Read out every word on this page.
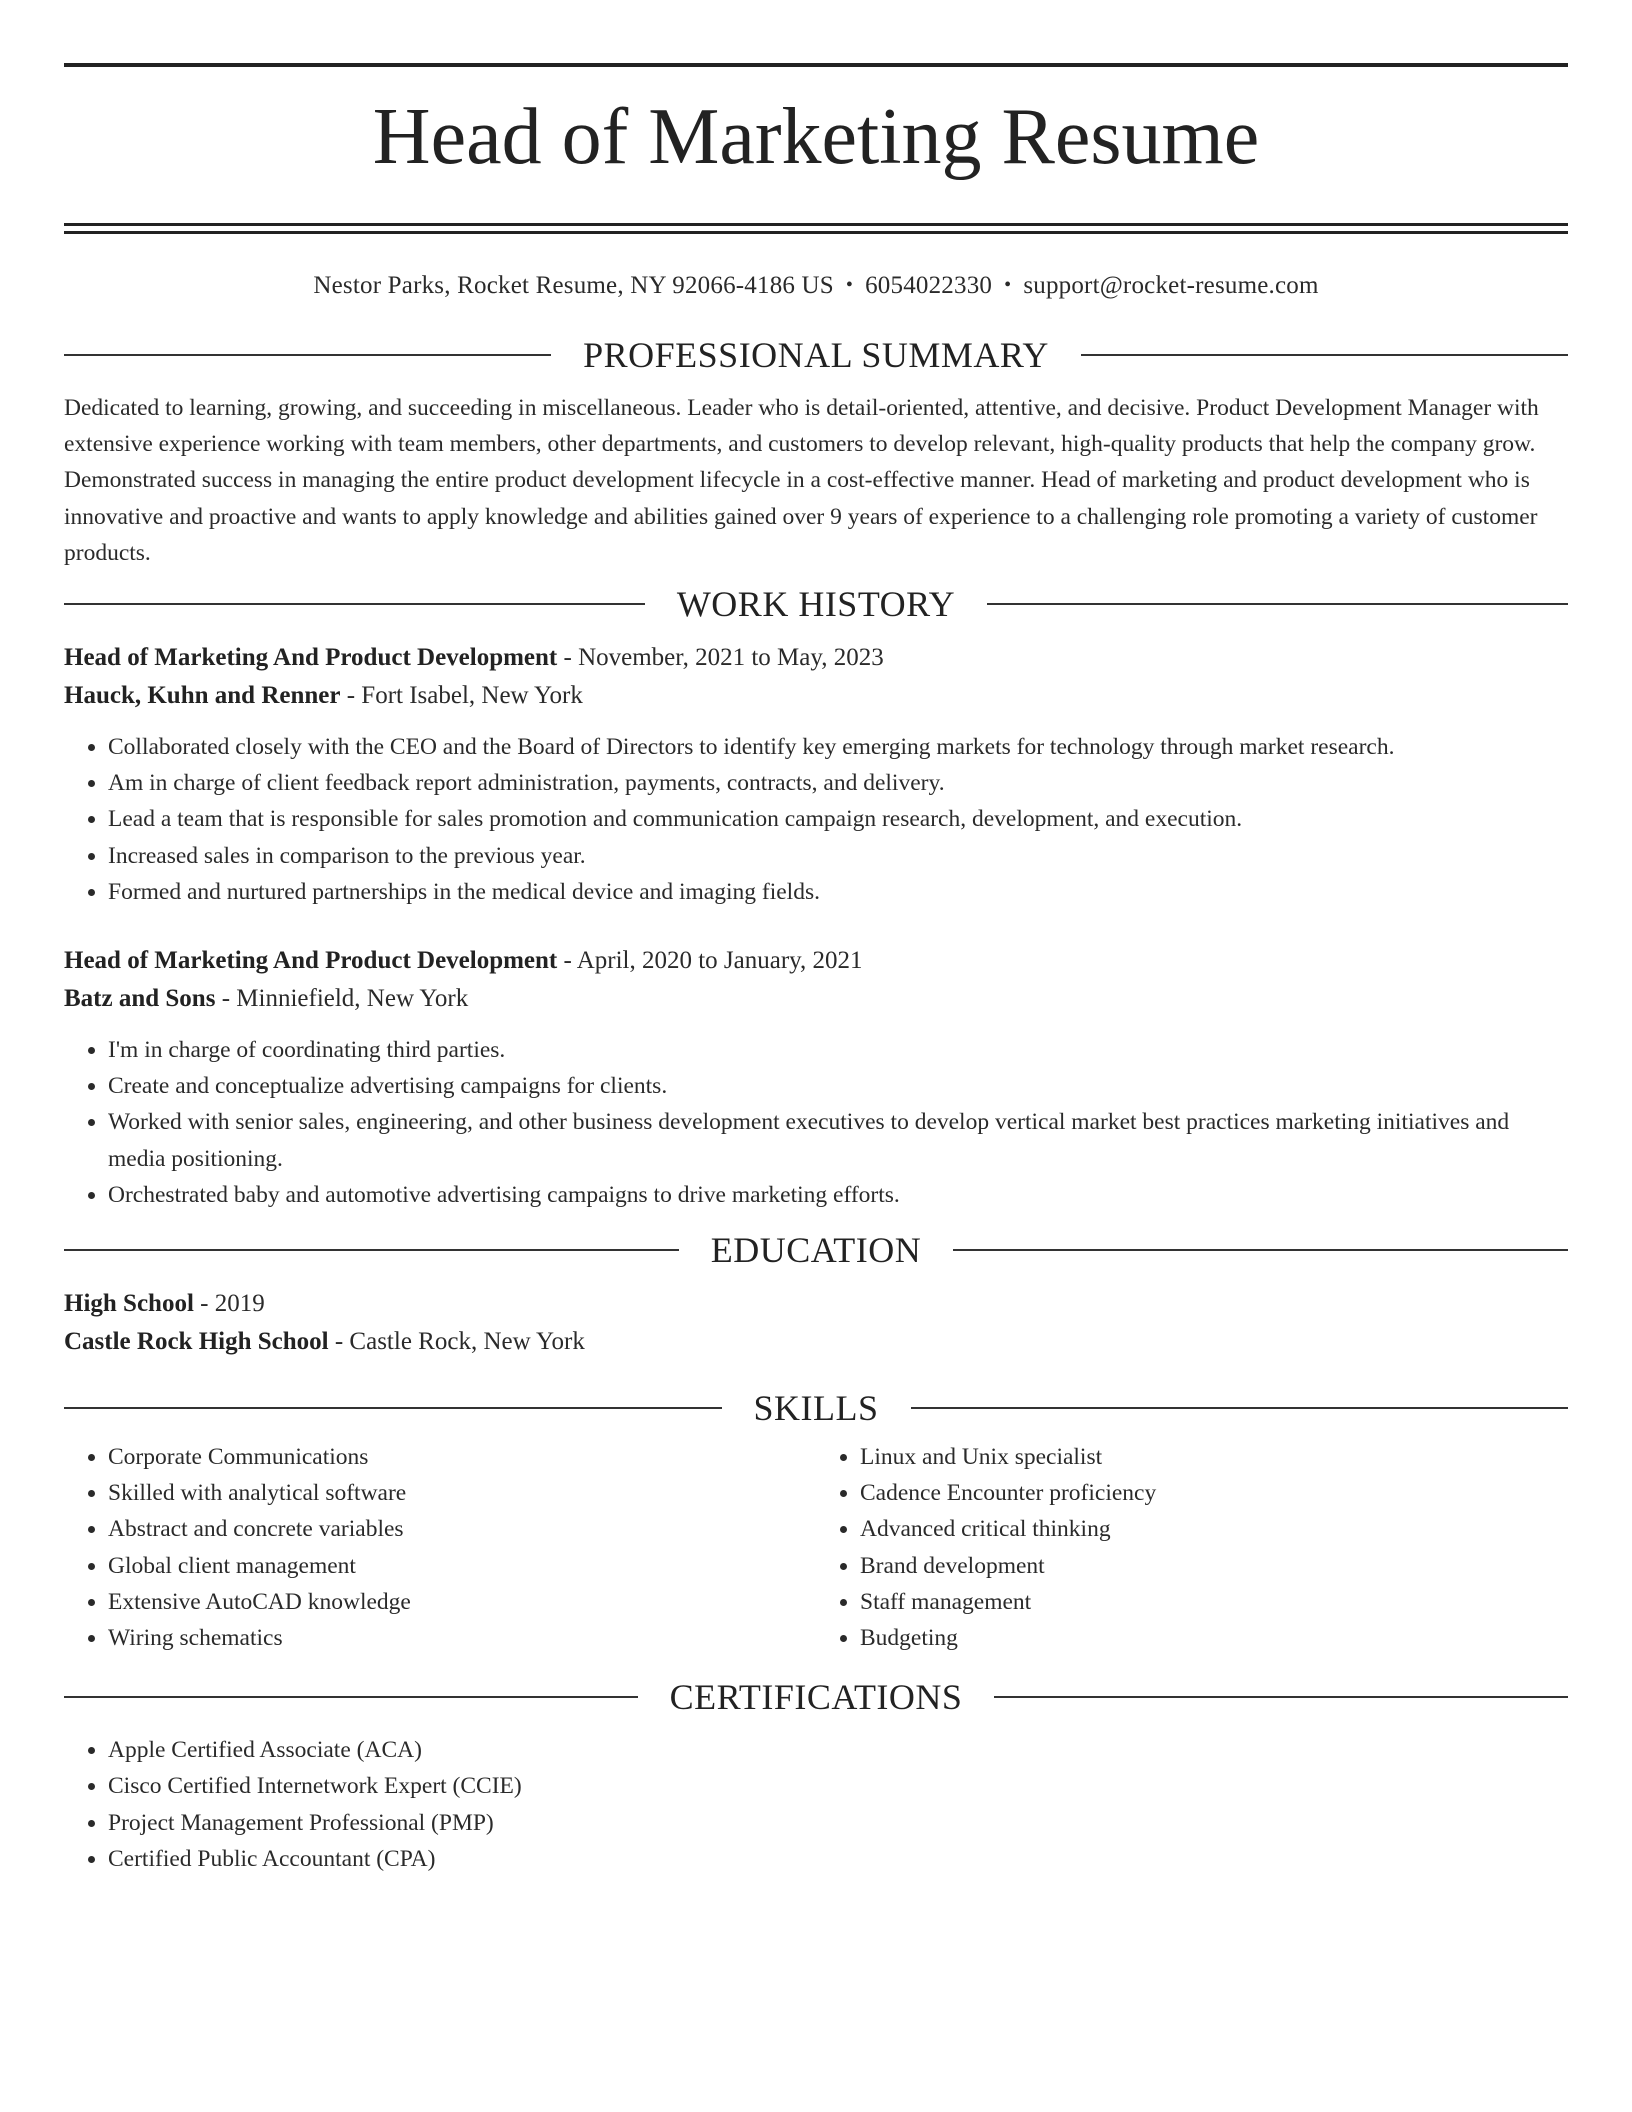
Head of Marketing Resume
Nestor Parks, Rocket Resume, NY 92066-4186 US • 6054022330 • support@rocket-resume.com
PROFESSIONAL SUMMARY

Dedicated to learning, growing, and succeeding in miscellaneous. Leader who is detail-oriented, attentive, and decisive. Product Development Manager with extensive experience working with team members, other departments, and customers to develop relevant, high-quality products that help the company grow. Demonstrated success in managing the entire product development lifecycle in a cost-effective manner. Head of marketing and product development who is innovative and proactive and wants to apply knowledge and abilities gained over 9 years of experience to a challenging role promoting a variety of customer products.

WORK HISTORY
Head of Marketing And Product Development - November, 2021 to May, 2023
Hauck, Kuhn and Renner - Fort Isabel, New York
• Collaborated closely with the CEO and the Board of Directors to identify key emerging markets for technology through market research.
• Am in charge of client feedback report administration, payments, contracts, and delivery.
• Lead a team that is responsible for sales promotion and communication campaign research, development, and execution.
• Increased sales in comparison to the previous year.
• Formed and nurtured partnerships in the medical device and imaging fields.
Head of Marketing And Product Development - April, 2020 to January, 2021
Batz and Sons - Minniefield, New York
• I'm in charge of coordinating third parties.
• Create and conceptualize advertising campaigns for clients.
• Worked with senior sales, engineering, and other business development executives to develop vertical market best practices marketing initiatives and media positioning.
• Orchestrated baby and automotive advertising campaigns to drive marketing efforts.
EDUCATION
High School - 2019
Castle Rock High School - Castle Rock, New York
SKILLS
• Corporate Communications
• Skilled with analytical software
• Abstract and concrete variables
• Global client management
• Extensive AutoCAD knowledge
• Wiring schematics
• Linux and Unix specialist
• Cadence Encounter proficiency
• Advanced critical thinking
• Brand development
• Staff management
• Budgeting
CERTIFICATIONS
• Apple Certified Associate (ACA)
• Cisco Certified Internetwork Expert (CCIE)
• Project Management Professional (PMP)
• Certified Public Accountant (CPA)
